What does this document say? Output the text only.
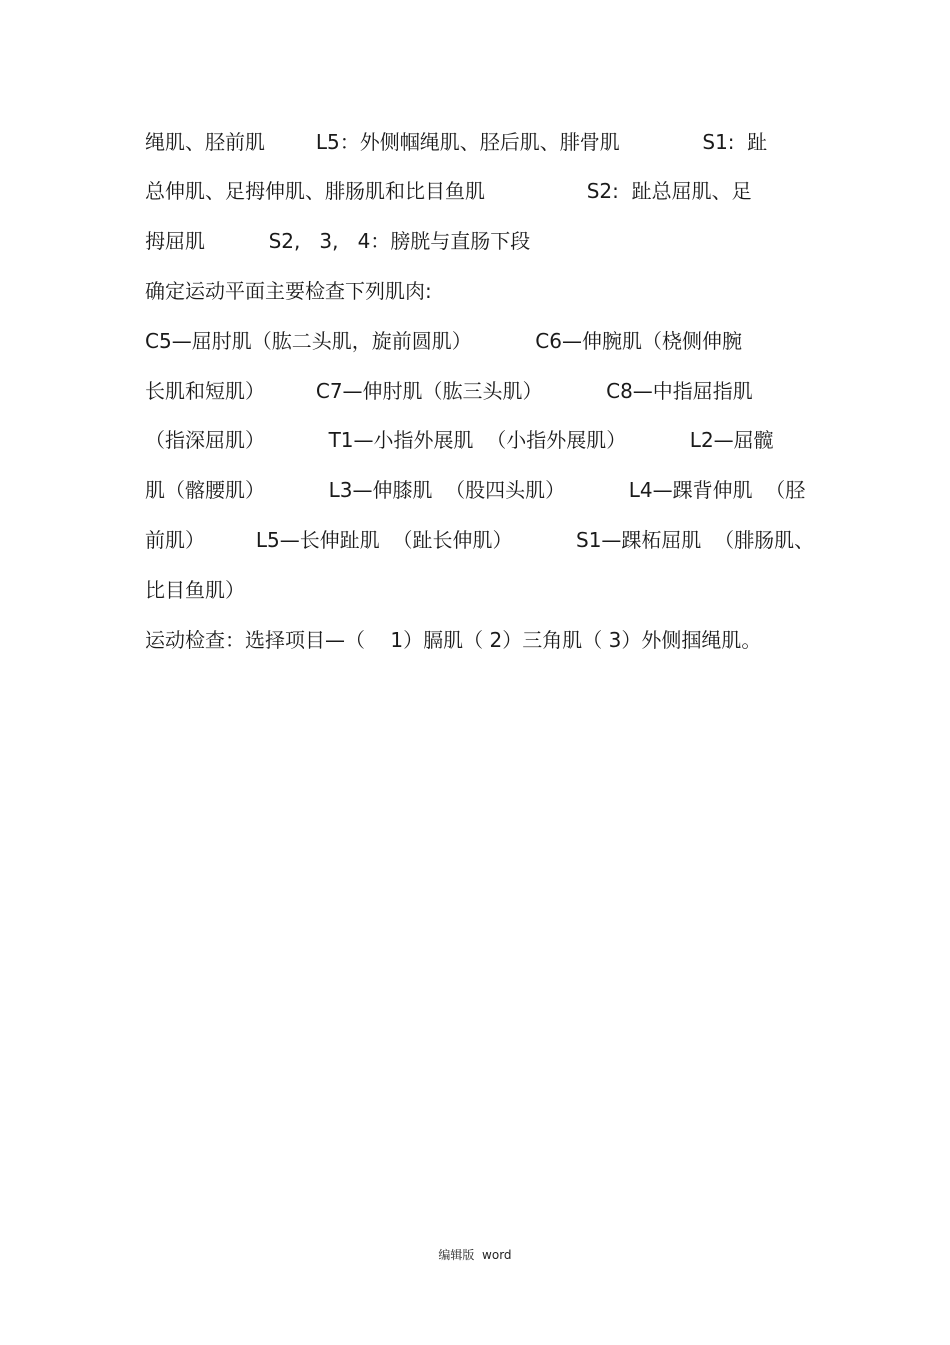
绳肌、胫前肌        L5：外侧帼绳肌、胫后肌、腓骨肌             S1:  趾
总伸肌、足拇伸肌、腓肠肌和比目鱼肌                S2:  趾总屈肌、足
拇屈肌          S2,   3,   4：膀胱与直肠下段
确定运动平面主要检查下列肌肉:
C5—屈肘肌（肱二头肌，旋前圆肌）          C6—伸腕肌（桡侧伸腕
长肌和短肌）        C7—伸肘肌（肱三头肌）          C8—中指屈指肌
（指深屈肌）          T1—小指外展肌  （小指外展肌）          L2—屈髋
肌（髂腰肌）          L3—伸膝肌  （股四头肌）          L4—踝背伸肌  （胫
前肌）        L5—长伸趾肌  （趾长伸肌）          S1—踝柘屈肌  （腓肠肌、
比目鱼肌）
运动检查：选择项目—（    1）膈肌（ 2）三角肌（ 3）外侧掴绳肌。
编辑版  word
